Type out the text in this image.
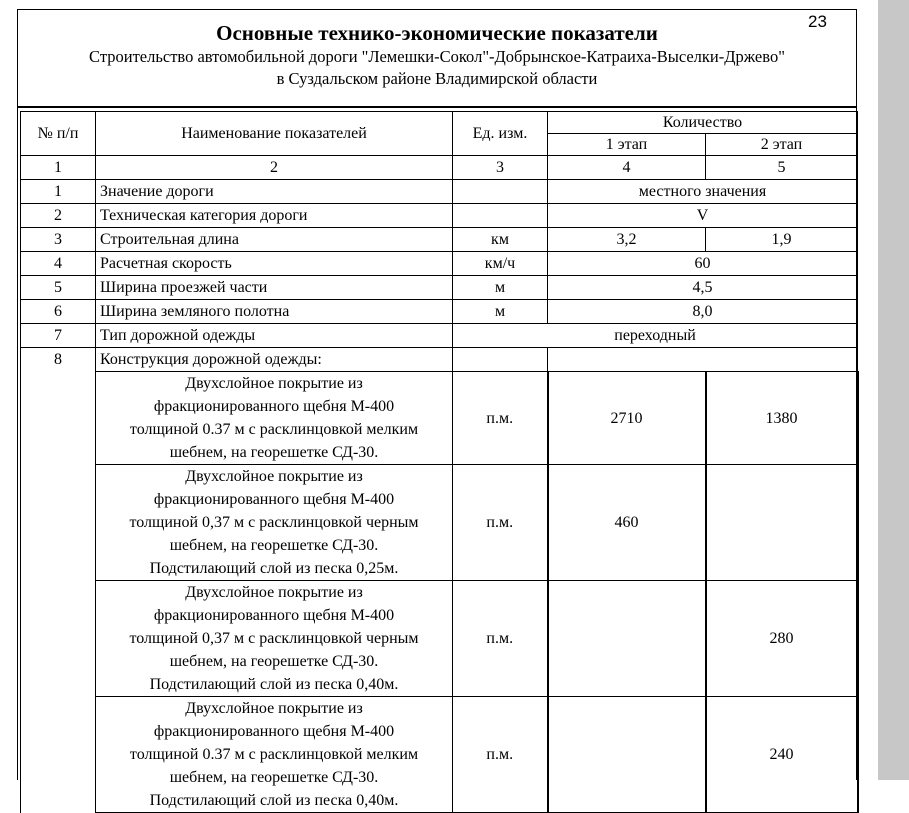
23
Основные технико-экономические показатели
Строительство автомобильной дороги "Лемешки-Сокол"-Добрынское-Катраиха-Выселки-Држево"
в Суздальском районе Владимирской области
№ п/п	Наименование показателей	Ед. изм.	Количество	
			1 этап	2 этап
1	2	3	4	5
1	Значение дороги		местного значения	
2	Техническая категория дороги		V	
3	Строительная длина	км	3,2	1,9
4	Расчетная скорость	км/ч	60	
5	Ширина проезжей части	м	4,5	
6	Ширина земляного полотна	м	8,0	
7	Тип дорожной одежды	переходный		
8	Конструкция дорожной одежды:			
	Двухслойное покрытие из
фракционированного щебня М-400
толщиной 0.37 м с расклинцовкой мелким
шебнем, на георешетке СД-30.	п.м.	2710	1380
	Двухслойное покрытие из
фракционированного щебня М-400
толщиной 0,37 м с расклинцовкой черным
шебнем, на георешетке СД-30.
Подстилающий слой из песка 0,25м.	п.м.	460	
	Двухслойное покрытие из
фракционированного щебня М-400
толщиной 0,37 м с расклинцовкой черным
шебнем, на георешетке СД-30.
Подстилающий слой из песка 0,40м.	п.м.		280
	Двухслойное покрытие из
фракционированного щебня М-400
толщиной 0.37 м с расклинцовкой мелким
шебнем, на георешетке СД-30.
Подстилающий слой из песка 0,40м.	п.м.		240
